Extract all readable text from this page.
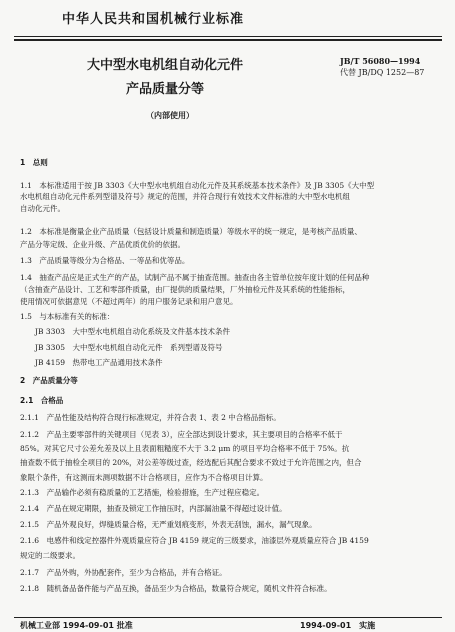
中华人民共和国机械行业标准
大中型水电机组自动化元件
产品质量分等
JB/T 56080—1994
代替 JB/DQ 1252—87
（内部使用）
1　总则
1.1　本标准适用于按 JB 3303《大中型水电机组自动化元件及其系统基本技术条件》及 JB 3305《大中型
水电机组自动化元件系列型谱及符号》规定的范围，并符合现行有效技术文件标准的大中型水电机组
自动化元件。
1.2　本标准是衡量企业产品质量（包括设计质量和制造质量）等级水平的统一规定，是考核产品质量、
产品分等定级、企业升级、产品优质优价的依据。
1.3　产品质量等级分为合格品、一等品和优等品。
1.4　抽查产品应是正式生产的产品，试制产品不属于抽查范围。抽查由各主管单位按年度计划的任何品种
（含抽查产品设计、工艺和零部件质量，由厂提供的质量结果，厂外抽检元件及其系统的性能指标，
使用情况可依据意见（不超过两年）的用户服务记录和用户意见。
1.5　与本标准有关的标准：
　　JB 3303　大中型水电机组自动化系统及文件基本技术条件
　　JB 3305　大中型水电机组自动化元件　系列型谱及符号
　　JB 4159　热带电工产品通用技术条件
2　产品质量分等
2.1　合格品
2.1.1　产品性能及结构符合现行标准规定，并符合表 1、表 2 中合格品指标。
2.1.2　产品主要零部件的关键项目（见表 3），应全部达到设计要求，其主要项目的合格率不低于
85%。对其它尺寸公差允差及以上且表面粗糙度不大于 3.2 μm 的项目平均合格率不低于 75%。抗
抽查数不低于抽检全项目的 20%，对公差等级过查，经选配后其配合要求不致过于允许范围之内，但合
象限个条件，有这测而未测项数据不计合格项目，应作为不合格项目计算。
2.1.3　产品输作必须有稳质量的工艺措施，检验措施，生产过程应稳定。
2.1.4　产品在规定期限，抽查及锁定工作抽压时，内部漏油量不得超过设计值。
2.1.5　产品外观良好，焊缝质量合格，无严重划痕变形，外表无刮蚀，漏水，漏气现象。
2.1.6　电感件和线定控器件外观质量应符合 JB 4159 规定的三级要求，油漆层外观质量应符合 JB 4159
规定的二级要求。
2.1.7　产品外购，外协配套件，至少为合格品，并有合格证。
2.1.8　随机备品备件能与产品互换，备品至少为合格品，数量符合规定，随机文件符合标准。
机械工业部 1994-09-01 批准	1994-09-01　实施
